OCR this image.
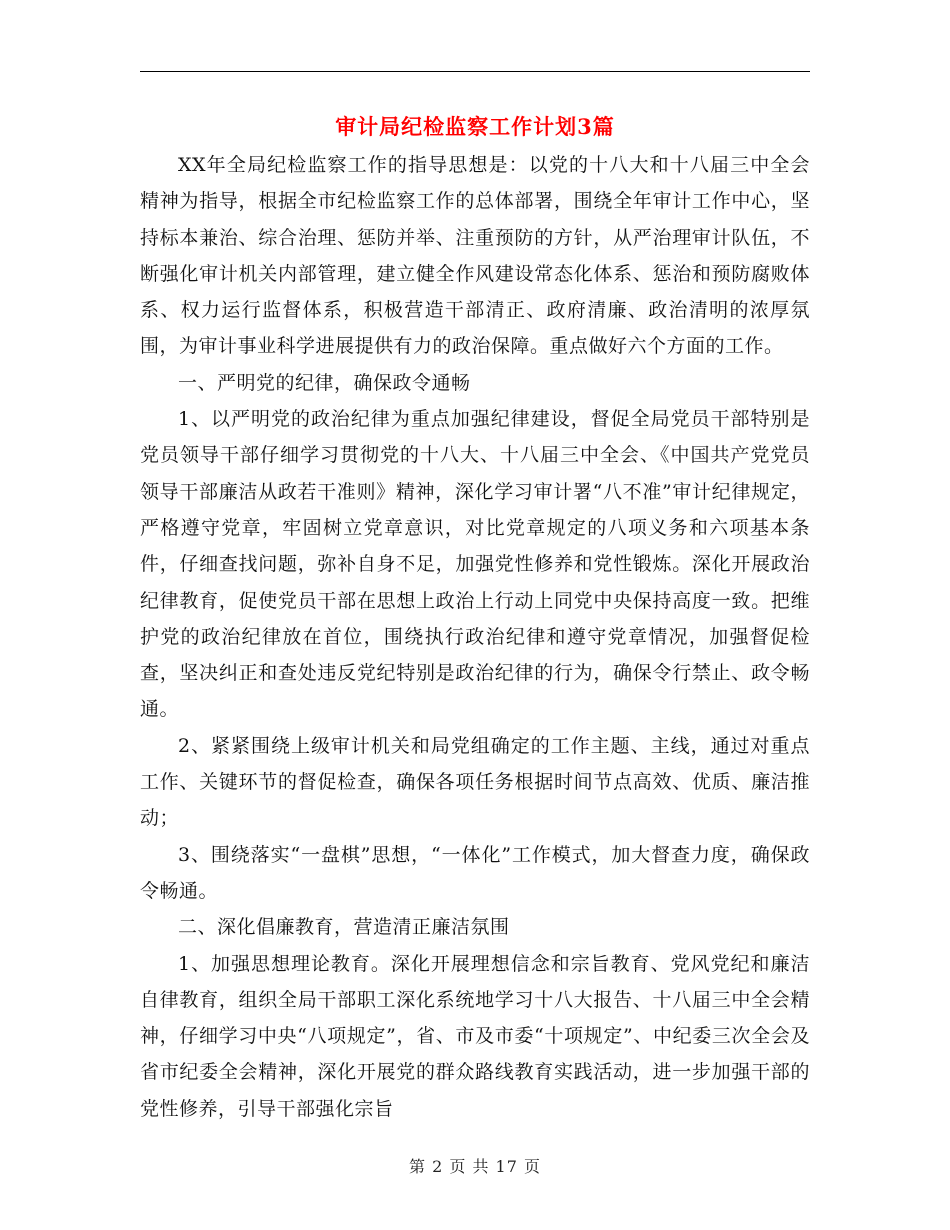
审计局纪检监察工作计划3篇

XX年全局纪检监察工作的指导思想是：以党的十八大和十八届三中全会精神为指导，根据全市纪检监察工作的总体部署，围绕全年审计工作中心，坚持标本兼治、综合治理、惩防并举、注重预防的方针，从严治理审计队伍，不断强化审计机关内部管理，建立健全作风建设常态化体系、惩治和预防腐败体系、权力运行监督体系，积极营造干部清正、政府清廉、政治清明的浓厚氛围，为审计事业科学进展提供有力的政治保障。重点做好六个方面的工作。

一、严明党的纪律，确保政令通畅

1、以严明党的政治纪律为重点加强纪律建设，督促全局党员干部特别是党员领导干部仔细学习贯彻党的十八大、十八届三中全会、《中国共产党党员领导干部廉洁从政若干准则》精神，深化学习审计署“八不准”审计纪律规定，严格遵守党章，牢固树立党章意识，对比党章规定的八项义务和六项基本条件，仔细查找问题，弥补自身不足，加强党性修养和党性锻炼。深化开展政治纪律教育，促使党员干部在思想上政治上行动上同党中央保持高度一致。把维护党的政治纪律放在首位，围绕执行政治纪律和遵守党章情况，加强督促检查，坚决纠正和查处违反党纪特别是政治纪律的行为，确保令行禁止、政令畅通。

2、紧紧围绕上级审计机关和局党组确定的工作主题、主线，通过对重点工作、关键环节的督促检查，确保各项任务根据时间节点高效、优质、廉洁推动；

3、围绕落实“一盘棋”思想，“一体化”工作模式，加大督查力度，确保政令畅通。

二、深化倡廉教育，营造清正廉洁氛围

1、加强思想理论教育。深化开展理想信念和宗旨教育、党风党纪和廉洁自律教育，组织全局干部职工深化系统地学习十八大报告、十八届三中全会精神，仔细学习中央“八项规定”，省、市及市委“十项规定”、中纪委三次全会及省市纪委全会精神，深化开展党的群众路线教育实践活动，进一步加强干部的党性修养，引导干部强化宗旨

第 2 页 共 17 页
